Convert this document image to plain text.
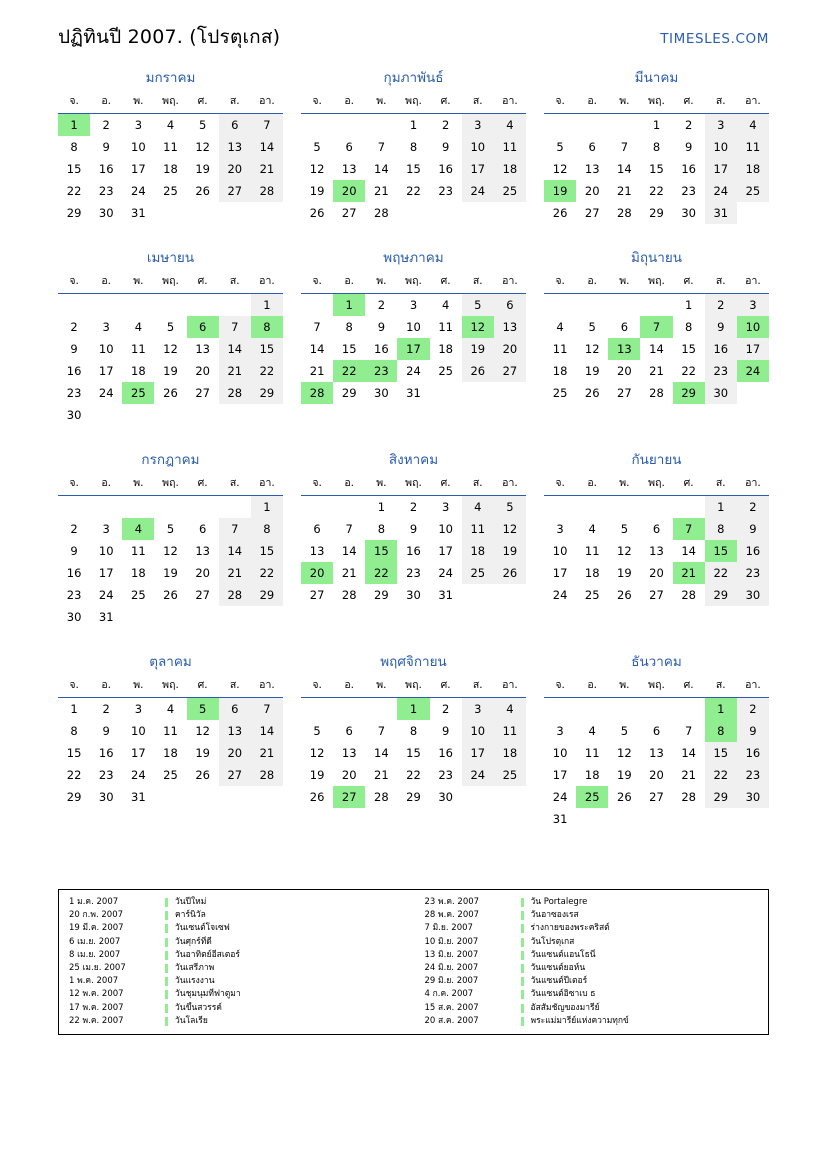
ปฏิทินปี 2007. (โปรตุเกส)	TIMESLES.COM
มกราคม
จ.	อ.	พ.	พฤ.	ศ.	ส.	อา.
1	2	3	4	5	6	7
8	9	10	11	12	13	14
15	16	17	18	19	20	21
22	23	24	25	26	27	28
29	30	31				
กุมภาพันธ์
จ.	อ.	พ.	พฤ.	ศ.	ส.	อา.
			1	2	3	4
5	6	7	8	9	10	11
12	13	14	15	16	17	18
19	20	21	22	23	24	25
26	27	28				
มีนาคม
จ.	อ.	พ.	พฤ.	ศ.	ส.	อา.
			1	2	3	4
5	6	7	8	9	10	11
12	13	14	15	16	17	18
19	20	21	22	23	24	25
26	27	28	29	30	31	
เมษายน
จ.	อ.	พ.	พฤ.	ศ.	ส.	อา.
						1
2	3	4	5	6	7	8
9	10	11	12	13	14	15
16	17	18	19	20	21	22
23	24	25	26	27	28	29
30						
พฤษภาคม
จ.	อ.	พ.	พฤ.	ศ.	ส.	อา.
	1	2	3	4	5	6
7	8	9	10	11	12	13
14	15	16	17	18	19	20
21	22	23	24	25	26	27
28	29	30	31			
มิถุนายน
จ.	อ.	พ.	พฤ.	ศ.	ส.	อา.
				1	2	3
4	5	6	7	8	9	10
11	12	13	14	15	16	17
18	19	20	21	22	23	24
25	26	27	28	29	30	
กรกฎาคม
จ.	อ.	พ.	พฤ.	ศ.	ส.	อา.
						1
2	3	4	5	6	7	8
9	10	11	12	13	14	15
16	17	18	19	20	21	22
23	24	25	26	27	28	29
30	31					
สิงหาคม
จ.	อ.	พ.	พฤ.	ศ.	ส.	อา.
		1	2	3	4	5
6	7	8	9	10	11	12
13	14	15	16	17	18	19
20	21	22	23	24	25	26
27	28	29	30	31		
กันยายน
จ.	อ.	พ.	พฤ.	ศ.	ส.	อา.
					1	2
3	4	5	6	7	8	9
10	11	12	13	14	15	16
17	18	19	20	21	22	23
24	25	26	27	28	29	30
ตุลาคม
จ.	อ.	พ.	พฤ.	ศ.	ส.	อา.
1	2	3	4	5	6	7
8	9	10	11	12	13	14
15	16	17	18	19	20	21
22	23	24	25	26	27	28
29	30	31				
พฤศจิกายน
จ.	อ.	พ.	พฤ.	ศ.	ส.	อา.
			1	2	3	4
5	6	7	8	9	10	11
12	13	14	15	16	17	18
19	20	21	22	23	24	25
26	27	28	29	30		
ธันวาคม
จ.	อ.	พ.	พฤ.	ศ.	ส.	อา.
					1	2
3	4	5	6	7	8	9
10	11	12	13	14	15	16
17	18	19	20	21	22	23
24	25	26	27	28	29	30
31						
1 ม.ค. 2007	วันปีใหม่
20 ก.พ. 2007	คาร์นิวัล
19 มี.ค. 2007	วันเซนต์โจเซฟ
6 เม.ย. 2007	วันศุกร์ที่ดี
8 เม.ย. 2007	วันอาทิตย์อีสเตอร์
25 เม.ย. 2007	วันเสรีภาพ
1 พ.ค. 2007	วันแรงงาน
12 พ.ค. 2007	วันชุมนุมที่ฟาตูมา
17 พ.ค. 2007	วันขึ้นสวรรค์
22 พ.ค. 2007	วันโลเรีย
23 พ.ค. 2007	วัน Portalegre
28 พ.ค. 2007	วันอาซองเรส
7 มิ.ย. 2007	ร่างกายของพระคริสต์
10 มิ.ย. 2007	วันโปรตุเกส
13 มิ.ย. 2007	วันแซนต์แอนโธนี่
24 มิ.ย. 2007	วันแซนต์ยอห์น
29 มิ.ย. 2007	วันแซนต์ปีเตอร์
4 ก.ค. 2007	วันแซนต์อิซาเบ ธ
15 ส.ค. 2007	อัสสัมชัญของมารีย์
20 ส.ค. 2007	พระแม่มารีย์แห่งความทุกข์
